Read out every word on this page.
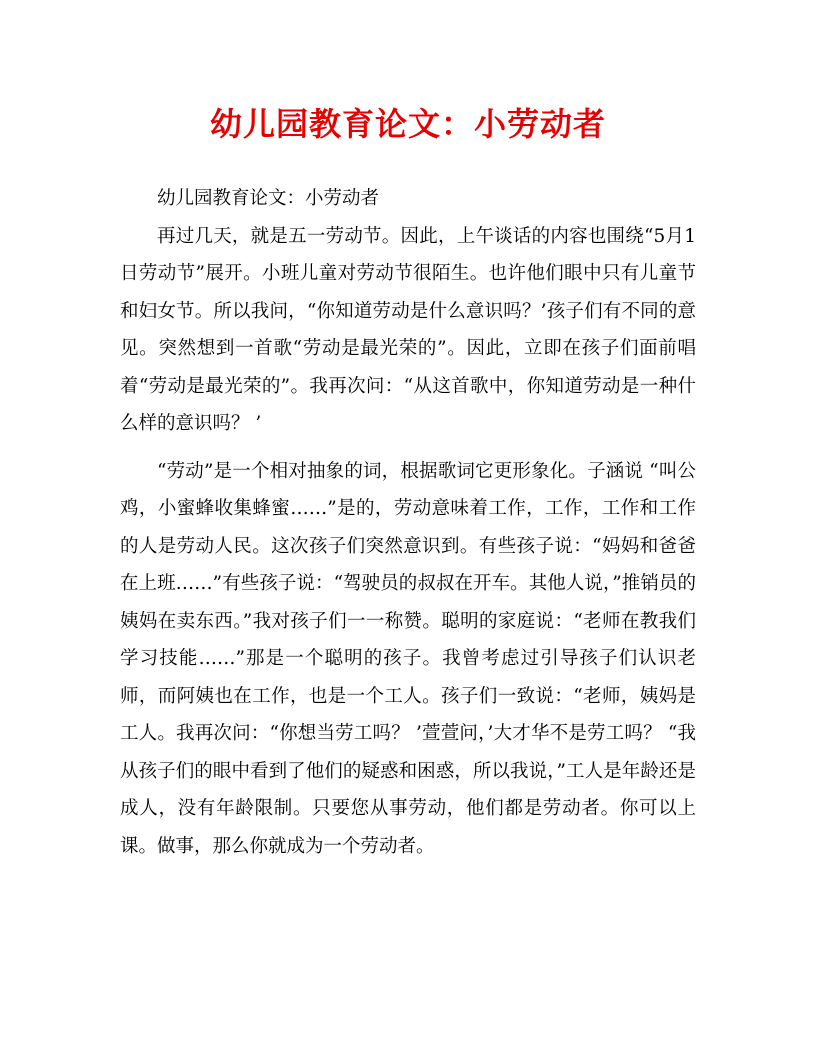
幼儿园教育论文：小劳动者

幼儿园教育论文：小劳动者

再过几天，就是五一劳动节。因此，上午谈话的内容也围绕“5月1日劳动节”展开。小班儿童对劳动节很陌生。也许他们眼中只有儿童节和妇女节。所以我问，“你知道劳动是什么意识吗？’孩子们有不同的意见。突然想到一首歌“劳动是最光荣的”。因此，立即在孩子们面前唱着“劳动是最光荣的”。我再次问：“从这首歌中，你知道劳动是一种什么样的意识吗？ ’

“劳动”是一个相对抽象的词，根据歌词它更形象化。子涵说 “叫公鸡，小蜜蜂收集蜂蜜……”是的，劳动意味着工作，工作，工作和工作的人是劳动人民。这次孩子们突然意识到。有些孩子说：“妈妈和爸爸在上班……”有些孩子说：“驾驶员的叔叔在开车。其他人说，”推销员的姨妈在卖东西。”我对孩子们一一称赞。聪明的家庭说：“老师在教我们学习技能……”那是一个聪明的孩子。我曾考虑过引导孩子们认识老师，而阿姨也在工作，也是一个工人。孩子们一致说：“老师，姨妈是工人。我再次问：“你想当劳工吗？ ’萱萱问，’大才华不是劳工吗？ “我从孩子们的眼中看到了他们的疑惑和困惑，所以我说，”工人是年龄还是成人，没有年龄限制。只要您从事劳动，他们都是劳动者。你可以上课。做事，那么你就成为一个劳动者。
